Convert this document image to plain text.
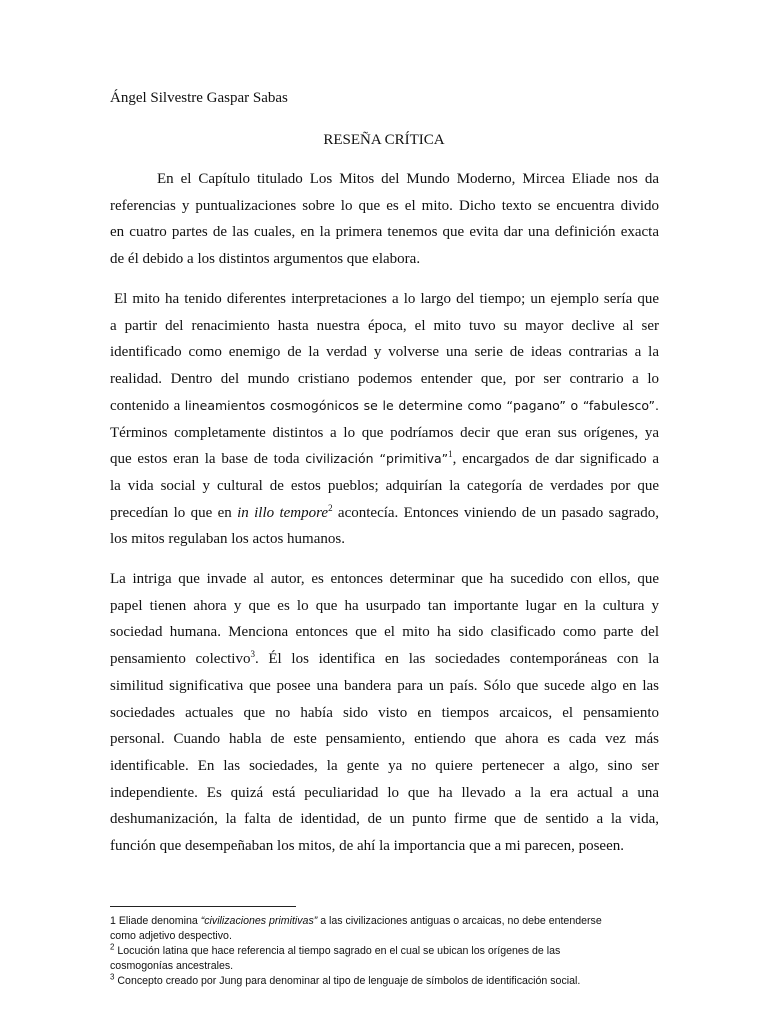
Ángel Silvestre Gaspar Sabas
RESEÑA CRÍTICA
En el Capítulo titulado Los Mitos del Mundo Moderno, Mircea Eliade nos da
referencias y puntualizaciones sobre lo que es el mito. Dicho texto se encuentra divido
en cuatro partes de las cuales, en la primera tenemos que evita dar una definición exacta
de él debido a los distintos argumentos que elabora.
El mito ha tenido diferentes interpretaciones a lo largo del tiempo; un ejemplo sería que
a partir del renacimiento hasta nuestra época, el mito tuvo su mayor declive al ser
identificado como enemigo de la verdad y volverse una serie de ideas contrarias a la
realidad. Dentro del mundo cristiano podemos entender que, por ser contrario a lo
contenido a lineamientos cosmogónicos se le determine como “pagano” o “fabulesco”.
Términos completamente distintos a lo que podríamos decir que eran sus orígenes, ya
que estos eran la base de toda civilización “primitiva”$^1$, encargados de dar significado a
la vida social y cultural de estos pueblos; adquirían la categoría de verdades por que
precedían lo que en in illo tempore$^2$ acontecía. Entonces viniendo de un pasado sagrado,
los mitos regulaban los actos humanos.
La intriga que invade al autor, es entonces determinar que ha sucedido con ellos, que
papel tienen ahora y que es lo que ha usurpado tan importante lugar en la cultura y
sociedad humana. Menciona entonces que el mito ha sido clasificado como parte del
pensamiento colectivo$^3$. Él los identifica en las sociedades contemporáneas con la
similitud significativa que posee una bandera para un país. Sólo que sucede algo en las
sociedades actuales que no había sido visto en tiempos arcaicos, el pensamiento
personal. Cuando habla de este pensamiento, entiendo que ahora es cada vez más
identificable. En las sociedades, la gente ya no quiere pertenecer a algo, sino ser
independiente. Es quizá está peculiaridad lo que ha llevado a la era actual a una
deshumanización, la falta de identidad, de un punto firme que de sentido a la vida,
función que desempeñaban los mitos, de ahí la importancia que a mi parecen, poseen.
1 Eliade denomina “civilizaciones primitivas” a las civilizaciones antiguas o arcaicas, no debe entenderse
como adjetivo despectivo.
$^2$ Locución latina que hace referencia al tiempo sagrado en el cual se ubican los orígenes de las
cosmogonías ancestrales.
$^3$ Concepto creado por Jung para denominar al tipo de lenguaje de símbolos de identificación social.
